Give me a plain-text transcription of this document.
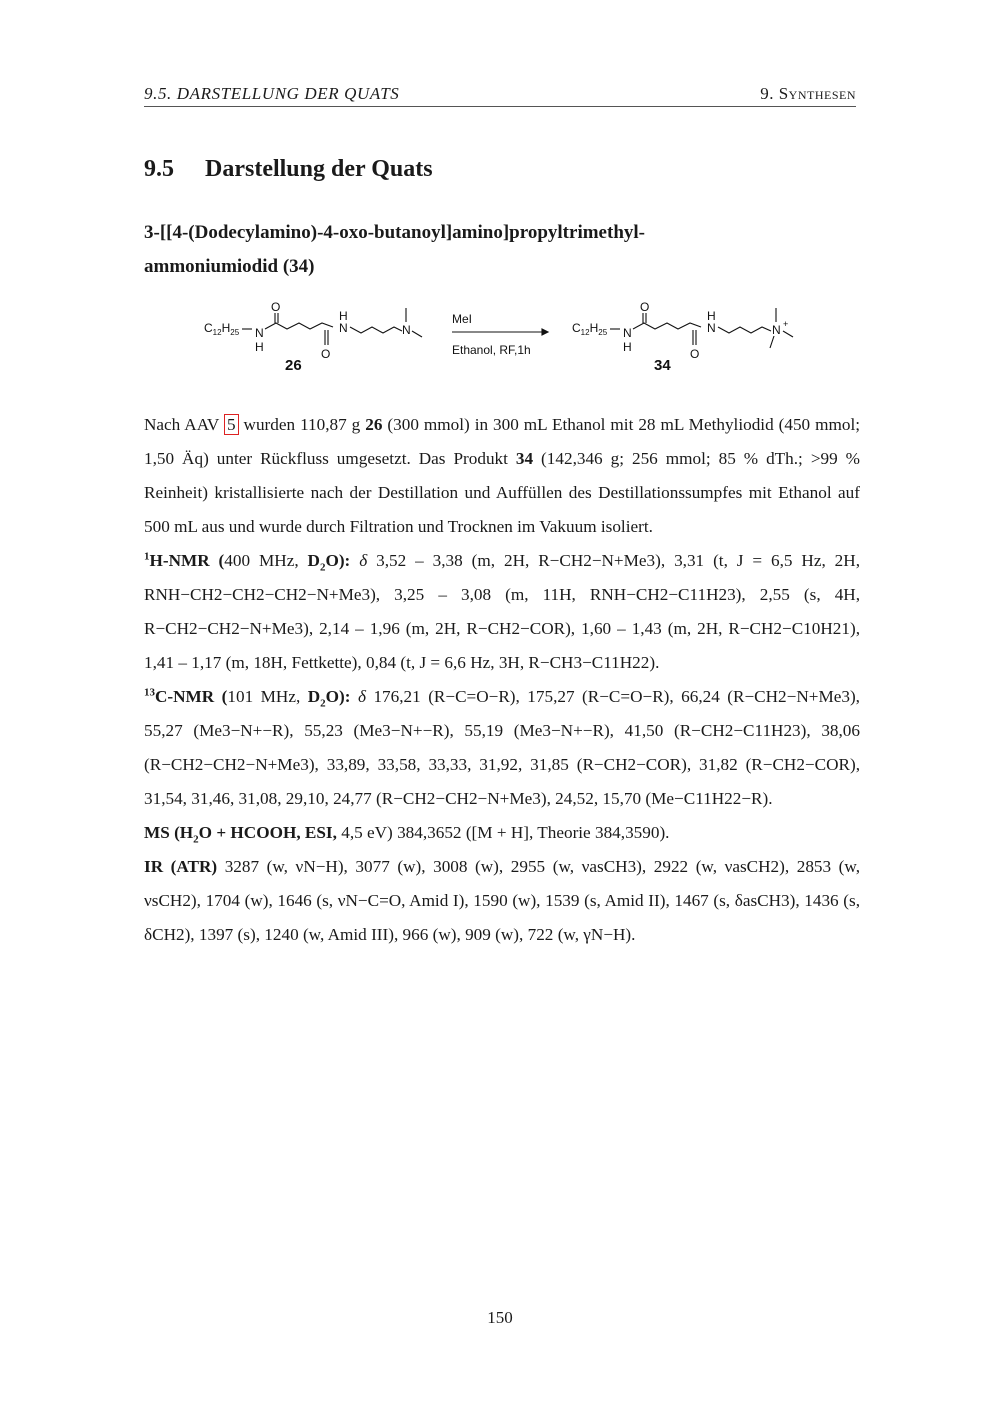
9.5. DARSTELLUNG DER QUATS	9. Synthesen
9.5 Darstellung der Quats
3-[[4-(Dodecylamino)-4-oxo-butanoyl]amino]propyltrimethyl-
ammoniumiodid (34)
$C_{12}H_{25}$ N
H
O
O
H
N	N
26
MeI
Ethanol, RF,1h
$C_{12}H_{25}$ N
H
O
O
H
N	N +
34

Nach AAV 5 wurden 110,87 g 26 (300 mmol) in 300 mL Ethanol mit 28 mL Methyliodid (450 mmol; 1,50 Äq) unter Rückfluss umgesetzt. Das Produkt 34 (142,346 g; 256 mmol; 85 % dTh.; >99 % Reinheit) kristallisierte nach der Destillation und Auffüllen des Destillationssumpfes mit Ethanol auf 500 mL aus und wurde durch Filtration und Trocknen im Vakuum isoliert.

$^1$H-NMR (400 MHz, $D_2O$): δ 3,52 – 3,38 (m, 2H, R−CH2−N+Me3), 3,31 (t, J = 6,5 Hz, 2H, RNH−CH2−CH2−CH2−N+Me3), 3,25 – 3,08 (m, 11H, RNH−CH2−C11H23), 2,55 (s, 4H, R−CH2−CH2−N+Me3), 2,14 – 1,96 (m, 2H, R−CH2−COR), 1,60 – 1,43 (m, 2H, R−CH2−C10H21), 1,41 – 1,17 (m, 18H, Fettkette), 0,84 (t, J = 6,6 Hz, 3H, R−CH3−C11H22).

$^{13}$C-NMR (101 MHz, $D_2O$): δ 176,21 (R−C=O−R), 175,27 (R−C=O−R), 66,24 (R−CH2−N+Me3), 55,27 (Me3−N+−R), 55,23 (Me3−N+−R), 55,19 (Me3−N+−R), 41,50 (R−CH2−C11H23), 38,06 (R−CH2−CH2−N+Me3), 33,89, 33,58, 33,33, 31,92, 31,85 (R−CH2−COR), 31,82 (R−CH2−COR), 31,54, 31,46, 31,08, 29,10, 24,77 (R−CH2−CH2−N+Me3), 24,52, 15,70 (Me−C11H22−R).

MS ($H_2O$ + HCOOH, ESI, 4,5 eV) 384,3652 ([M + H], Theorie 384,3590).

IR (ATR) 3287 (w, νN−H), 3077 (w), 3008 (w), 2955 (w, νasCH3), 2922 (w, νasCH2), 2853 (w, νsCH2), 1704 (w), 1646 (s, νN−C=O, Amid I), 1590 (w), 1539 (s, Amid II), 1467 (s, δasCH3), 1436 (s, δCH2), 1397 (s), 1240 (w, Amid III), 966 (w), 909 (w), 722 (w, γN−H).

150
